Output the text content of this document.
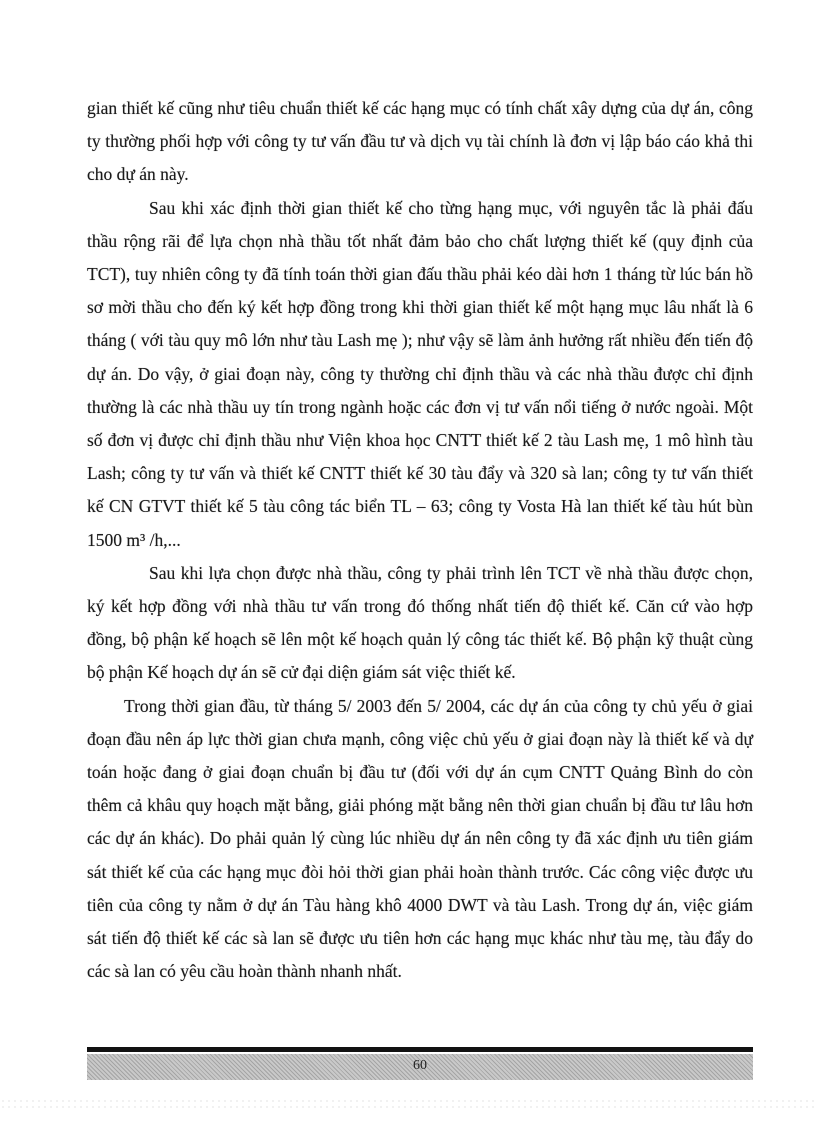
gian thiết kế cũng như tiêu chuẩn thiết kế các hạng mục có tính chất xây dựng của dự án, công ty thường phối hợp với công ty tư vấn đầu tư và dịch vụ tài chính là đơn vị lập báo cáo khả thi cho dự án này.

Sau khi xác định thời gian thiết kế cho từng hạng mục, với nguyên tắc là phải đấu thầu rộng rãi để lựa chọn nhà thầu tốt nhất đảm bảo cho chất lượng thiết kế (quy định của TCT), tuy nhiên công ty đã tính toán thời gian đấu thầu phải kéo dài hơn 1 tháng từ lúc bán hồ sơ mời thầu cho đến ký kết hợp đồng trong khi thời gian thiết kế một hạng mục lâu nhất là 6 tháng ( với tàu quy mô lớn như tàu Lash mẹ ); như vậy sẽ làm ảnh hưởng rất nhiều đến tiến độ dự án. Do vậy, ở giai đoạn này, công ty thường chỉ định thầu và các nhà thầu được chỉ định thường là các nhà thầu uy tín trong ngành hoặc các đơn vị tư vấn nổi tiếng ở nước ngoài. Một số đơn vị được chỉ định thầu như Viện khoa học CNTT thiết kế 2 tàu Lash mẹ, 1 mô hình tàu Lash; công ty tư vấn và thiết kế CNTT thiết kế 30 tàu đẩy và 320 sà lan; công ty tư vấn thiết kế CN GTVT thiết kế 5 tàu công tác biển TL – 63; công ty Vosta Hà lan thiết kế tàu hút bùn 1500 m³ /h,...

Sau khi lựa chọn được nhà thầu, công ty phải trình lên TCT về nhà thầu được chọn, ký kết hợp đồng với nhà thầu tư vấn trong đó thống nhất tiến độ thiết kế. Căn cứ vào hợp đồng, bộ phận kế hoạch sẽ lên một kế hoạch quản lý công tác thiết kế. Bộ phận kỹ thuật cùng bộ phận Kế hoạch dự án sẽ cử đại diện giám sát việc thiết kế.

Trong thời gian đầu, từ tháng 5/ 2003 đến 5/ 2004, các dự án của công ty chủ yếu ở giai đoạn đầu nên áp lực thời gian chưa mạnh, công việc chủ yếu ở giai đoạn này là thiết kế và dự toán hoặc đang ở giai đoạn chuẩn bị đầu tư (đối với dự án cụm CNTT Quảng Bình do còn thêm cả khâu quy hoạch mặt bằng, giải phóng mặt bằng nên thời gian chuẩn bị đầu tư lâu hơn các dự án khác). Do phải quản lý cùng lúc nhiều dự án nên công ty đã xác định ưu tiên giám sát thiết kế của các hạng mục đòi hỏi thời gian phải hoàn thành trước. Các công việc được ưu tiên của công ty nằm ở dự án Tàu hàng khô 4000 DWT và tàu Lash. Trong dự án, việc giám sát tiến độ thiết kế các sà lan sẽ được ưu tiên hơn các hạng mục khác như tàu mẹ, tàu đẩy do các sà lan có yêu cầu hoàn thành nhanh nhất.

60
